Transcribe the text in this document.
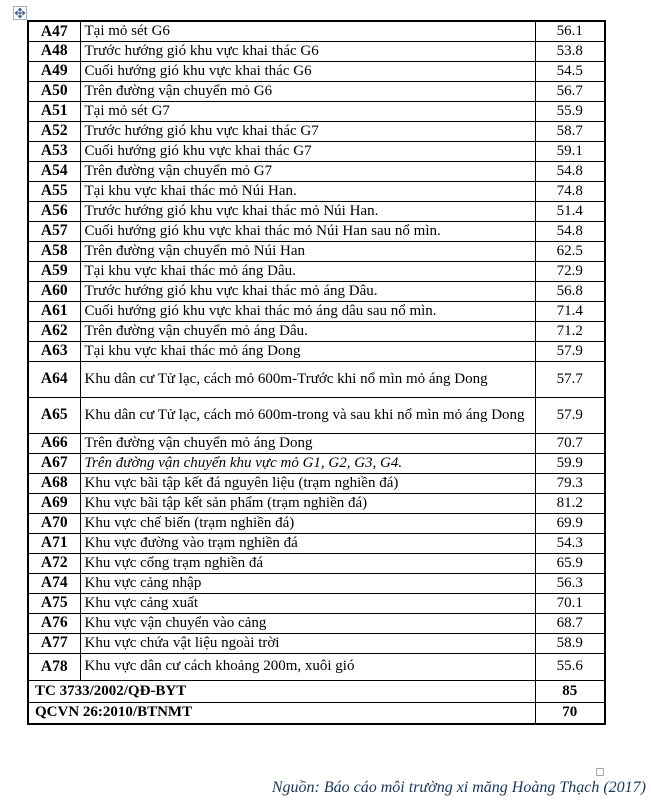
A47	Tại mỏ sét G6	56.1
A48	Trước hướng gió khu vực khai thác G6	53.8
A49	Cuối hướng gió khu vực khai thác G6	54.5
A50	Trên đường vận chuyển mỏ G6	56.7
A51	Tại mỏ sét G7	55.9
A52	Trước hướng gió khu vực khai thác G7	58.7
A53	Cuối hướng gió khu vực khai thác G7	59.1
A54	Trên đường vận chuyển mỏ G7	54.8
A55	Tại khu vực khai thác mỏ Núi Han.	74.8
A56	Trước hướng gió khu vực khai thác mỏ Núi Han.	51.4
A57	Cuối hướng gió khu vực khai thác mỏ Núi Han sau nổ mìn.	54.8
A58	Trên đường vận chuyển mỏ Núi Han	62.5
A59	Tại khu vực khai thác mỏ áng Dâu.	72.9
A60	Trước hướng gió khu vực khai thác mỏ áng Dâu.	56.8
A61	Cuối hướng gió khu vực khai thác mỏ áng dâu sau nổ mìn.	71.4
A62	Trên đường vận chuyển mỏ áng Dâu.	71.2
A63	Tại khu vực khai thác mỏ áng Dong	57.9
A64	Khu dân cư Tử lạc, cách mỏ 600m-Trước khi nổ mìn mỏ áng Dong	57.7
A65	Khu dân cư Tử lạc, cách mỏ 600m-trong và sau khi nổ mìn mỏ áng Dong	57.9
A66	Trên đường vận chuyển mỏ áng Dong	70.7
A67	Trên đường vận chuyển khu vực mỏ G1, G2, G3, G4.	59.9
A68	Khu vực bãi tập kết đá nguyên liệu (trạm nghiền đá)	79.3
A69	Khu vực bãi tập kết sản phẩm (trạm nghiền đá)	81.2
A70	Khu vực chế biến (trạm nghiền đá)	69.9
A71	Khu vực đường vào trạm nghiền đá	54.3
A72	Khu vực cổng trạm nghiền đá	65.9
A74	Khu vực cảng nhập	56.3
A75	Khu vực cảng xuất	70.1
A76	Khu vực vận chuyển vào cảng	68.7
A77	Khu vực chứa vật liệu ngoài trời	58.9
A78	Khu vực dân cư cách khoảng 200m, xuôi gió	55.6
TC 3733/2002/QĐ-BYT		85
QCVN 26:2010/BTNMT		70
Nguồn: Báo cáo môi trường xi măng Hoàng Thạch (2017)
